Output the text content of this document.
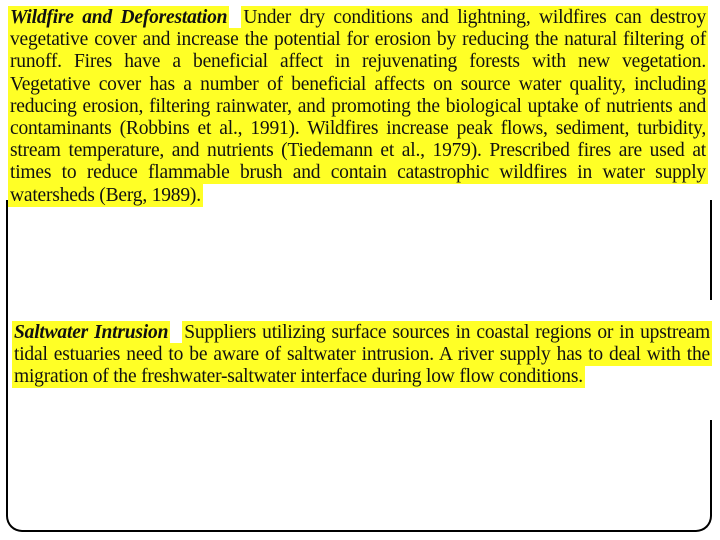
Wildfire and Deforestation Under dry conditions and lightning, wildfires can destroy vegetative cover and increase the potential for erosion by reducing the natural filtering of runoff. Fires have a beneficial affect in rejuvenating forests with new vegetation. Vegetative cover has a number of beneficial affects on source water quality, including reducing erosion, filtering rainwater, and promoting the biological uptake of nutrients and contaminants (Robbins et al., 1991). Wildfires increase peak flows, sediment, turbidity, stream temperature, and nutrients (Tiedemann et al., 1979). Prescribed fires are used at times to reduce flammable brush and contain catastrophic wildfires in water supply watersheds (Berg, 1989).
Saltwater Intrusion Suppliers utilizing surface sources in coastal regions or in upstream tidal estuaries need to be aware of saltwater intrusion. A river supply has to deal with the migration of the freshwater-saltwater interface during low flow conditions.
